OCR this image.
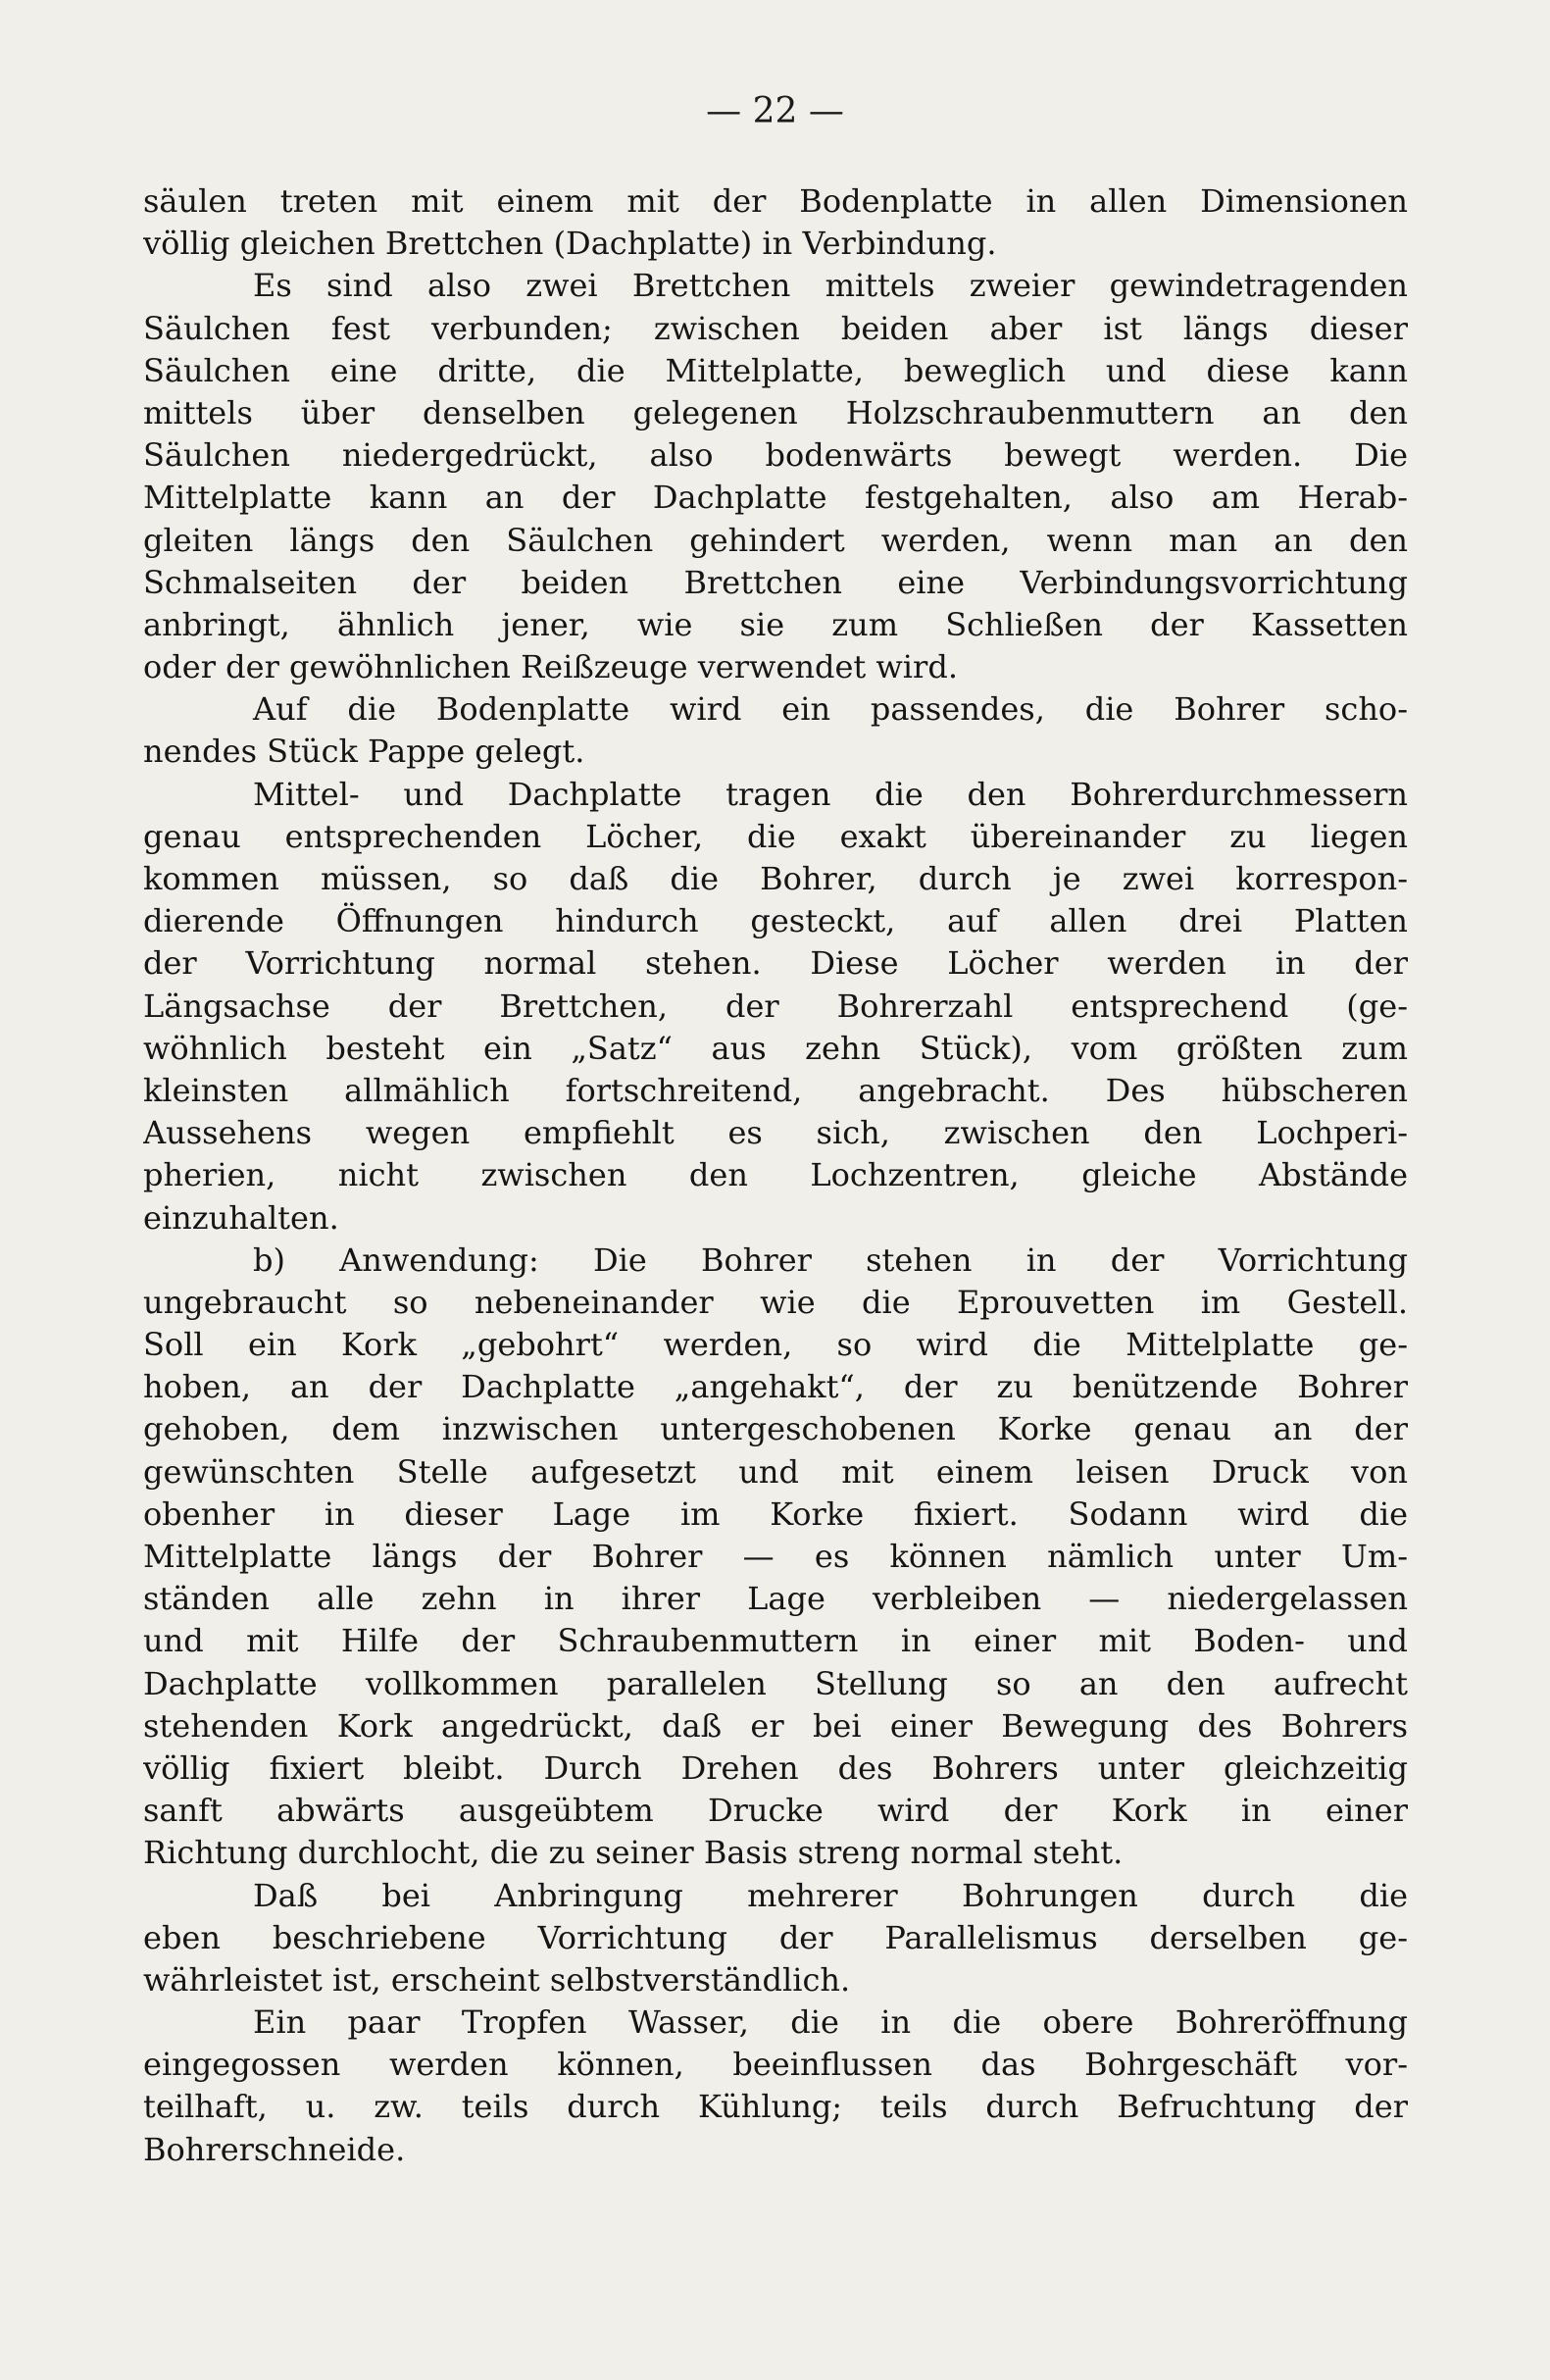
— 22 —
säulen treten mit einem mit der Bodenplatte in allen Dimensionen
völlig gleichen Brettchen (Dachplatte) in Verbindung.
Es sind also zwei Brettchen mittels zweier gewindetragenden
Säulchen fest verbunden; zwischen beiden aber ist längs dieser
Säulchen eine dritte, die Mittelplatte, beweglich und diese kann
mittels über denselben gelegenen Holzschraubenmuttern an den
Säulchen niedergedrückt, also bodenwärts bewegt werden. Die
Mittelplatte kann an der Dachplatte festgehalten, also am Herab-
gleiten längs den Säulchen gehindert werden, wenn man an den
Schmalseiten der beiden Brettchen eine Verbindungsvorrichtung
anbringt, ähnlich jener, wie sie zum Schließen der Kassetten
oder der gewöhnlichen Reißzeuge verwendet wird.
Auf die Bodenplatte wird ein passendes, die Bohrer scho-
nendes Stück Pappe gelegt.
Mittel- und Dachplatte tragen die den Bohrerdurchmessern
genau entsprechenden Löcher, die exakt übereinander zu liegen
kommen müssen, so daß die Bohrer, durch je zwei korrespon-
dierende Öffnungen hindurch gesteckt, auf allen drei Platten
der Vorrichtung normal stehen. Diese Löcher werden in der
Längsachse der Brettchen, der Bohrerzahl entsprechend (ge-
wöhnlich besteht ein „Satz“ aus zehn Stück), vom größten zum
kleinsten allmählich fortschreitend, angebracht. Des hübscheren
Aussehens wegen empfiehlt es sich, zwischen den Lochperi-
pherien, nicht zwischen den Lochzentren, gleiche Abstände
einzuhalten.
b) Anwendung: Die Bohrer stehen in der Vorrichtung
ungebraucht so nebeneinander wie die Eprouvetten im Gestell.
Soll ein Kork „gebohrt“ werden, so wird die Mittelplatte ge-
hoben, an der Dachplatte „angehakt“, der zu benützende Bohrer
gehoben, dem inzwischen untergeschobenen Korke genau an der
gewünschten Stelle aufgesetzt und mit einem leisen Druck von
obenher in dieser Lage im Korke fixiert. Sodann wird die
Mittelplatte längs der Bohrer — es können nämlich unter Um-
ständen alle zehn in ihrer Lage verbleiben — niedergelassen
und mit Hilfe der Schraubenmuttern in einer mit Boden- und
Dachplatte vollkommen parallelen Stellung so an den aufrecht
stehenden Kork angedrückt, daß er bei einer Bewegung des Bohrers
völlig fixiert bleibt. Durch Drehen des Bohrers unter gleichzeitig
sanft abwärts ausgeübtem Drucke wird der Kork in einer
Richtung durchlocht, die zu seiner Basis streng normal steht.
Daß bei Anbringung mehrerer Bohrungen durch die
eben beschriebene Vorrichtung der Parallelismus derselben ge-
währleistet ist, erscheint selbstverständlich.
Ein paar Tropfen Wasser, die in die obere Bohreröffnung
eingegossen werden können, beeinflussen das Bohrgeschäft vor-
teilhaft, u. zw. teils durch Kühlung; teils durch Befruchtung der
Bohrerschneide.
